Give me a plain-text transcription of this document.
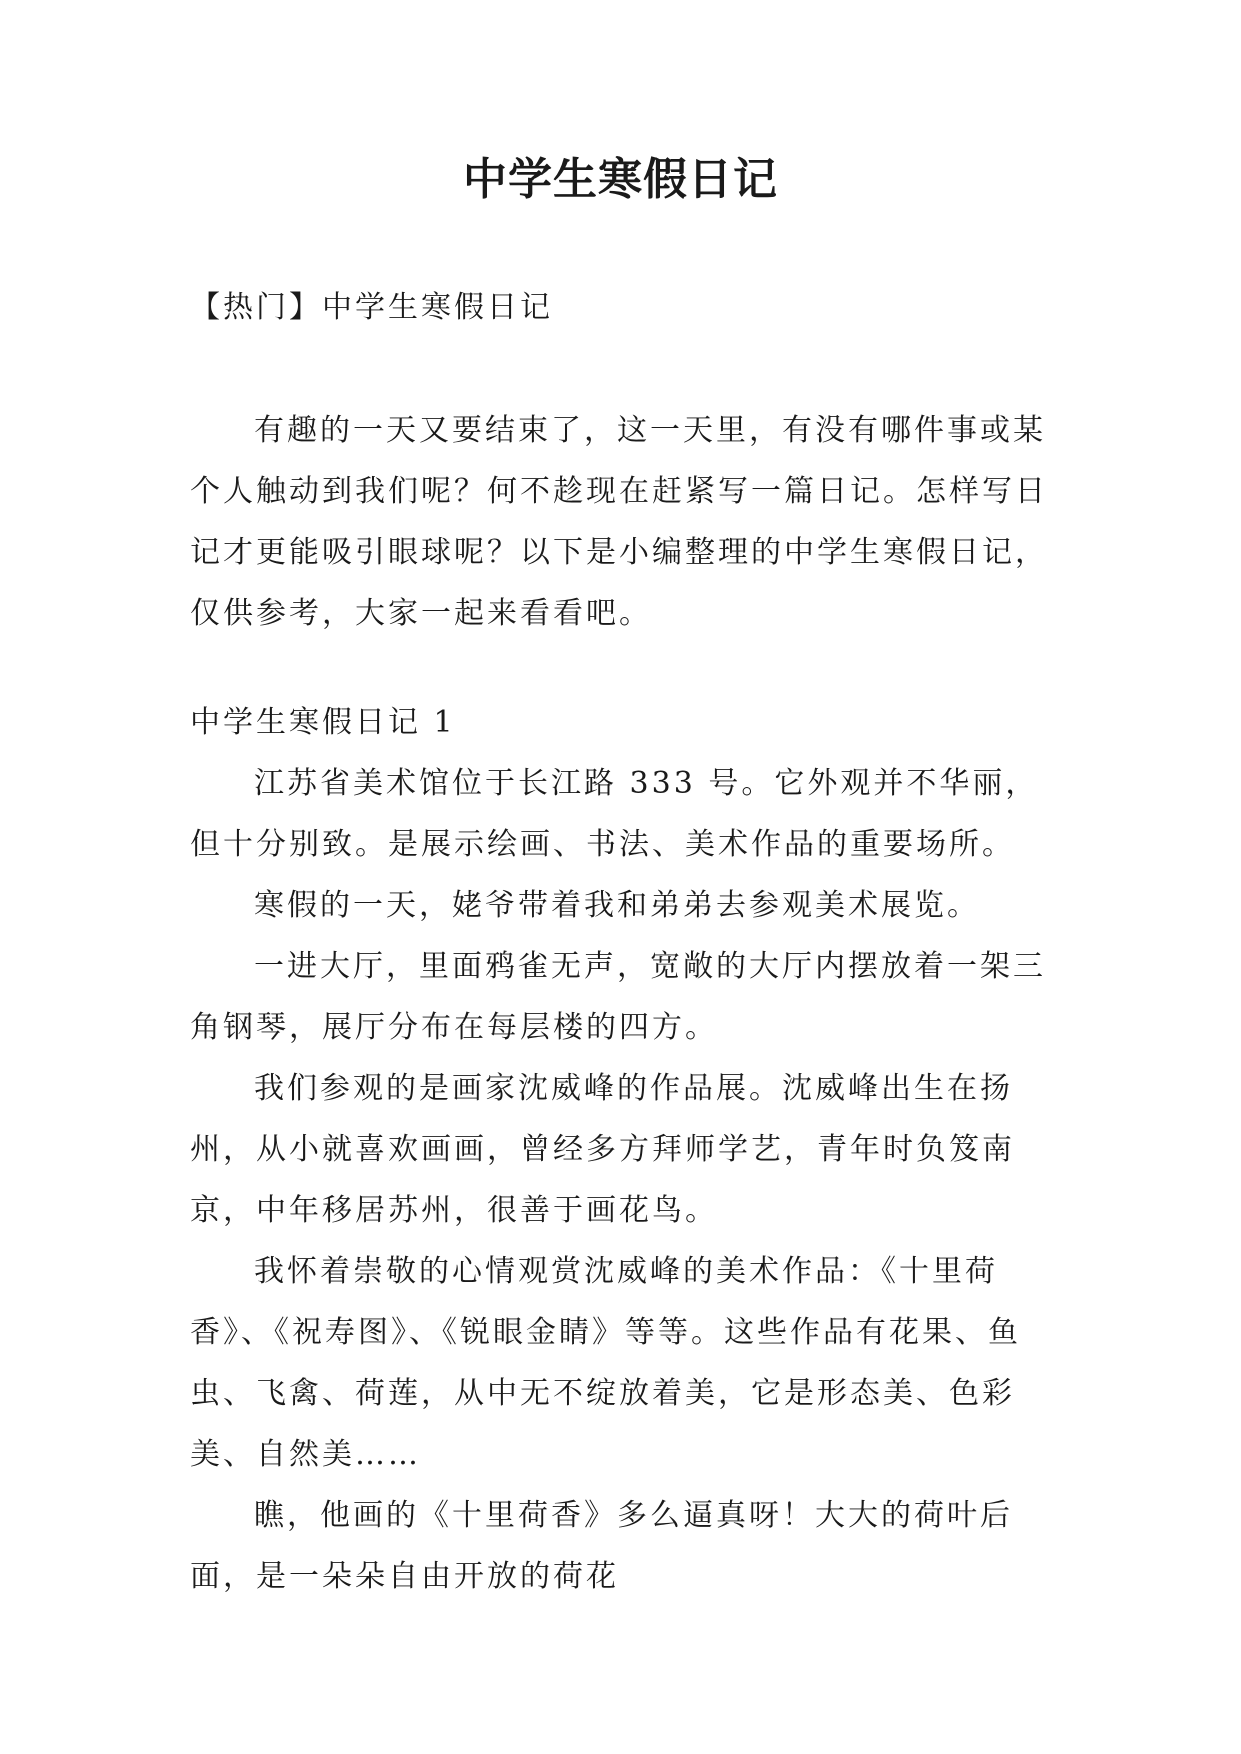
中学生寒假日记

【热门】中学生寒假日记

有趣的一天又要结束了，这一天里，有没有哪件事或某个人触动到我们呢？何不趁现在赶紧写一篇日记。怎样写日记才更能吸引眼球呢？以下是小编整理的中学生寒假日记，仅供参考，大家一起来看看吧。

中学生寒假日记 1

江苏省美术馆位于长江路 333 号。它外观并不华丽，但十分别致。是展示绘画、书法、美术作品的重要场所。

寒假的一天，姥爷带着我和弟弟去参观美术展览。

一进大厅，里面鸦雀无声，宽敞的大厅内摆放着一架三角钢琴，展厅分布在每层楼的四方。

我们参观的是画家沈威峰的作品展。沈威峰出生在扬州，从小就喜欢画画，曾经多方拜师学艺，青年时负笈南京，中年移居苏州，很善于画花鸟。

我怀着崇敬的心情观赏沈威峰的美术作品：《十里荷香》、《祝寿图》、《锐眼金睛》等等。这些作品有花果、鱼虫、飞禽、荷莲，从中无不绽放着美，它是形态美、色彩美、自然美……

瞧，他画的《十里荷香》多么逼真呀！大大的荷叶后面，是一朵朵自由开放的荷花
